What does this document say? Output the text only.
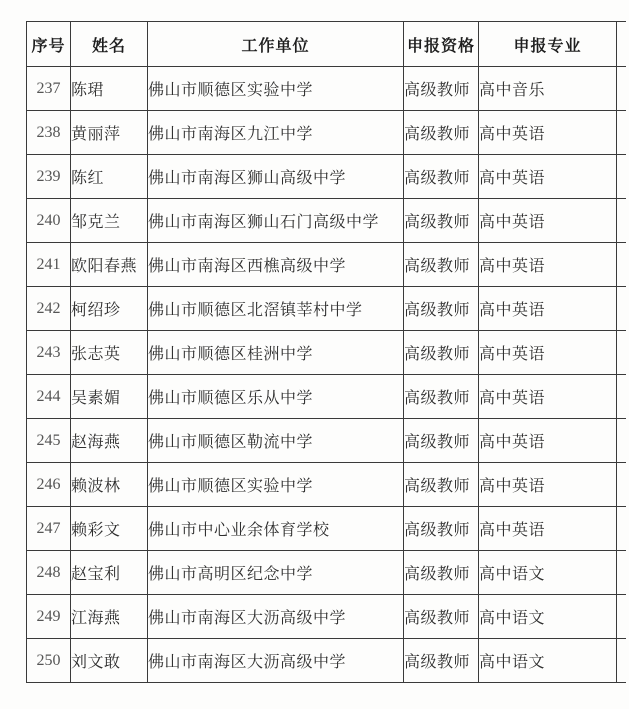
序号	姓名	工作单位	申报资格	申报专业	
237	陈珺	佛山市顺德区实验中学	高级教师	高中音乐	
238	黄丽萍	佛山市南海区九江中学	高级教师	高中英语	
239	陈红	佛山市南海区狮山高级中学	高级教师	高中英语	
240	邹克兰	佛山市南海区狮山石门高级中学	高级教师	高中英语	
241	欧阳春燕	佛山市南海区西樵高级中学	高级教师	高中英语	
242	柯绍珍	佛山市顺德区北滘镇莘村中学	高级教师	高中英语	
243	张志英	佛山市顺德区桂洲中学	高级教师	高中英语	
244	吴素媚	佛山市顺德区乐从中学	高级教师	高中英语	
245	赵海燕	佛山市顺德区勒流中学	高级教师	高中英语	
246	赖波林	佛山市顺德区实验中学	高级教师	高中英语	
247	赖彩文	佛山市中心业余体育学校	高级教师	高中英语	
248	赵宝利	佛山市高明区纪念中学	高级教师	高中语文	
249	江海燕	佛山市南海区大沥高级中学	高级教师	高中语文	
250	刘文敢	佛山市南海区大沥高级中学	高级教师	高中语文	
